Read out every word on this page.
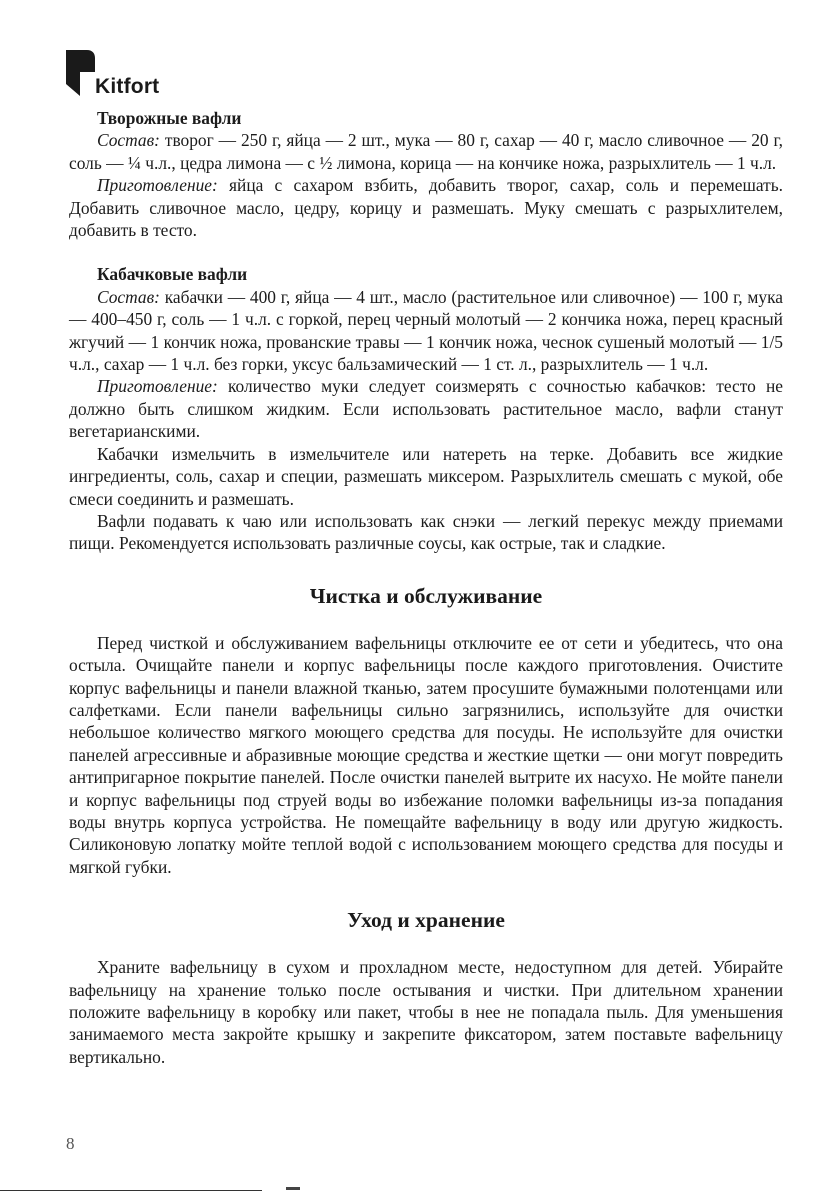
Kitfort

Творожные вафли

Состав: творог — 250 г, яйца — 2 шт., мука — 80 г, сахар — 40 г, масло сливочное — 20 г, соль — ¼ ч.л., цедра лимона — с ½ лимона, корица — на кончике ножа, разрыхлитель — 1 ч.л.

Приготовление: яйца с сахаром взбить, добавить творог, сахар, соль и перемешать. Добавить сливочное масло, цедру, корицу и размешать. Муку смешать с разрыхлителем, добавить в тесто.

Кабачковые вафли

Состав: кабачки — 400 г, яйца — 4 шт., масло (растительное или сливочное) — 100 г, мука — 400–450 г, соль — 1 ч.л. с горкой, перец черный молотый — 2 кончика ножа, перец красный жгучий — 1 кончик ножа, прованские травы — 1 кончик ножа, чеснок сушеный молотый — 1/5 ч.л., сахар — 1 ч.л. без горки, уксус бальзамический — 1 ст. л., разрыхлитель — 1 ч.л.

Приготовление: количество муки следует соизмерять с сочностью кабачков: тесто не должно быть слишком жидким. Если использовать растительное масло, вафли станут вегетарианскими.

Кабачки измельчить в измельчителе или натереть на терке. Добавить все жидкие ингредиенты, соль, сахар и специи, размешать миксером. Разрыхлитель смешать с мукой, обе смеси соединить и размешать.

Вафли подавать к чаю или использовать как снэки — легкий перекус между приемами пищи. Рекомендуется использовать различные соусы, как острые, так и сладкие.

Чистка и обслуживание

Перед чисткой и обслуживанием вафельницы отключите ее от сети и убедитесь, что она остыла. Очищайте панели и корпус вафельницы после каждого приготовления. Очистите корпус вафельницы и панели влажной тканью, затем просушите бумажными полотенцами или салфетками. Если панели вафельницы сильно загрязнились, используйте для очистки небольшое количество мягкого моющего средства для посуды. Не используйте для очистки панелей агрессивные и абразивные моющие средства и жесткие щетки — они могут повредить антипригарное покрытие панелей. После очистки панелей вытрите их насухо. Не мойте панели и корпус вафельницы под струей воды во избежание поломки вафельницы из-за попадания воды внутрь корпуса устройства. Не помещайте вафельницу в воду или другую жидкость. Силиконовую лопатку мойте теплой водой с использованием моющего средства для посуды и мягкой губки.

Уход и хранение

Храните вафельницу в сухом и прохладном месте, недоступном для детей. Убирайте вафельницу на хранение только после остывания и чистки. При длительном хранении положите вафельницу в коробку или пакет, чтобы в нее не попадала пыль. Для уменьшения занимаемого места закройте крышку и закрепите фиксатором, затем поставьте вафельницу вертикально.

8
